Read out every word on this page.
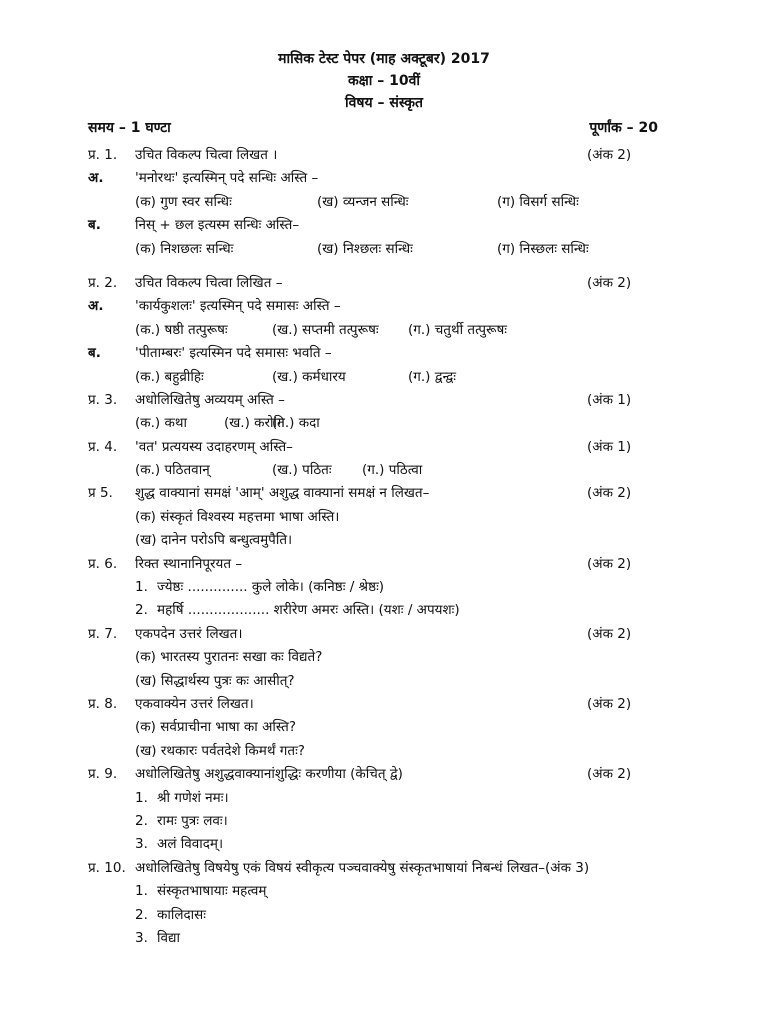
मासिक टेस्ट पेपर (माह अक्टूबर) 2017
कक्षा – 10वीं
विषय – संस्कृत
समय – 1 घण्टा	पूर्णांक – 20
प्र. 1. उचित विकल्प चित्वा लिखत ।	(अंक 2)
अ. 'मनोरथः' इत्यस्मिन् पदे सन्धिः अस्ति –
(क) गुण स्वर सन्धिः	(ख) व्यन्जन सन्धिः	(ग) विसर्ग सन्धिः
ब.	निस् + छल इत्यस्म सन्धिः अस्ति–
(क) निशछलः सन्धिः	(ख) निश्छलः सन्धिः	(ग) निस्छलः सन्धिः
प्र. 2. उचित विकल्प चित्वा लिखित –	(अंक 2)
अ. 'कार्यकुशलः' इत्यस्मिन् पदे समासः अस्ति –
(क.) षष्ठी तत्पुरूषः	(ख.) सप्तमी तत्पुरूषः (ग.) चतुर्थी तत्पुरूषः
ब.	'पीताम्बरः' इत्यस्मिन पदे समासः भवति –
(क.) बहुव्रीहिः	(ख.) कर्मधारय	(ग.) द्वन्द्वः
प्र. 3. अधोलिखितेषु अव्ययम् अस्ति –	(अंक 1)
(क.) कथा	(ख.) करोति
(ग.) कदा
प्र. 4. 'वत' प्रत्ययस्य उदाहरणम् अस्ति–	(अंक 1)
(क.) पठितवान्	(ख.) पठितः (ग.) पठित्वा
प्र 5. शुद्ध वाक्यानां समक्षं 'आम्' अशुद्ध वाक्यानां समक्षं न लिखत–	(अंक 2)
(क) संस्कृतं विश्वस्य महत्तमा भाषा अस्ति।
(ख) दानेन परोऽपि बन्धुत्वमुपैति।
प्र. 6. रिक्त स्थानानिपूरयत –	(अंक 2)
1. ज्येष्ठः .............. कुले लोके। (कनिष्ठः / श्रेष्ठः)
2. महर्षि ................... शरीरेण अमरः अस्ति। (यशः / अपयशः)
प्र. 7. एकपदेन उत्तरं लिखत।	(अंक 2)
(क) भारतस्य पुरातनः सखा कः विद्यते?
(ख) सिद्धार्थस्य पुत्रः कः आसीत्?
प्र. 8. एकवाक्येन उत्तरं लिखत।	(अंक 2)
(क) सर्वप्राचीना भाषा का अस्ति?
(ख) रथकारः पर्वतदेशे किमर्थं गतः?
प्र. 9. अधोलिखितेषु अशुद्धवाक्यानांशुद्धिः करणीया (केचित् द्वे)	(अंक 2)
1. श्री गणेशं नमः।
2. रामः पुत्रः लवः।
3. अलं विवादम्।
प्र. 10. अधोलिखितेषु विषयेषु एकं विषयं स्वीकृत्य पञ्चवाक्येषु संस्कृतभाषायां निबन्धं लिखत–(अंक 3)
1. संस्कृतभाषायाः महत्वम्
2. कालिदासः
3. विद्या
